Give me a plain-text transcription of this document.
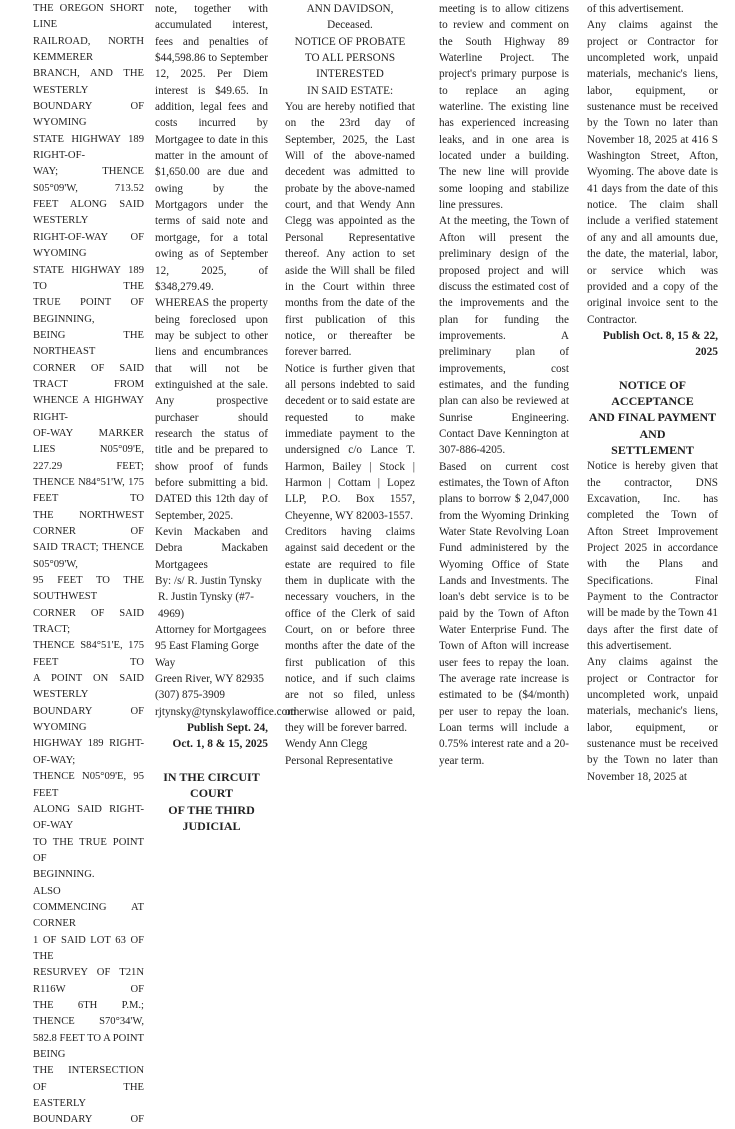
THE OREGON SHORT LINE

RAILROAD, NORTH KEMMERER

BRANCH, AND THE WESTERLY

BOUNDARY OF WYOMING

STATE HIGHWAY 189 RIGHT-OF-

WAY; THENCE S05°09'W, 713.52

FEET ALONG SAID WESTERLY

RIGHT-OF-WAY OF WYOMING

STATE HIGHWAY 189 TO THE

TRUE POINT OF BEGINNING,

BEING THE NORTHEAST

CORNER OF SAID TRACT FROM

WHENCE A HIGHWAY RIGHT-

OF-WAY MARKER LIES N05°09'E,

227.29 FEET;

THENCE N84°51'W, 175 FEET TO

THE NORTHWEST CORNER OF

SAID TRACT; THENCE S05°09'W,

95 FEET TO THE SOUTHWEST

CORNER OF SAID TRACT;

THENCE S84°51'E, 175 FEET TO

A POINT ON SAID WESTERLY

BOUNDARY OF WYOMING

HIGHWAY 189 RIGHT-OF-WAY;

THENCE N05°09'E, 95 FEET

ALONG SAID RIGHT-OF-WAY

TO THE TRUE POINT OF

BEGINNING.

ALSO

COMMENCING AT CORNER

1 OF SAID LOT 63 OF THE

RESURVEY OF T21N R116W OF

THE 6TH P.M.; THENCE S70°34'W,

582.8 FEET TO A POINT BEING

THE INTERSECTION OF THE

EASTERLY BOUNDARY OF

note, together with accumulated interest, fees and penalties of $44,598.86 to September 12, 2025. Per Diem interest is $49.65. In addition, legal fees and costs incurred by Mortgagee to date in this matter in the amount of $1,650.00 are due and owing by the Mortgagors under the terms of said note and mortgage, for a total owing as of September 12, 2025, of $348,279.49.

WHEREAS the property being foreclosed upon may be subject to other liens and encumbrances that will not be extinguished at the sale. Any prospective purchaser should research the status of title and be prepared to show proof of funds before submitting a bid. DATED this 12th day of September, 2025.

Kevin Mackaben and Debra Mackaben

Mortgagees

By: /s/ R. Justin Tynsky

R. Justin Tynsky (#7-4969)

Attorney for Mortgagees

95 East Flaming Gorge Way

Green River, WY 82935

(307) 875-3909

rjtynsky@tynskylawoffice.com

Publish Sept. 24,

Oct. 1, 8 & 15, 2025

IN THE CIRCUIT COURT

OF THE THIRD JUDICIAL

ANN DAVIDSON, Deceased.

NOTICE OF PROBATE

TO ALL PERSONS INTERESTED

IN SAID ESTATE:

You are hereby notified that on the 23rd day of September, 2025, the Last Will of the above-named decedent was admitted to probate by the above-named court, and that Wendy Ann Clegg was appointed as the Personal Representative thereof. Any action to set aside the Will shall be filed in the Court within three months from the date of the first publication of this notice, or thereafter be forever barred.

Notice is further given that all persons indebted to said decedent or to said estate are requested to make immediate payment to the undersigned c/o Lance T. Harmon, Bailey | Stock | Harmon | Cottam | Lopez LLP, P.O. Box 1557, Cheyenne, WY 82003-1557.

Creditors having claims against said decedent or the estate are required to file them in duplicate with the necessary vouchers, in the office of the Clerk of said Court, on or before three months after the date of the first publication of this notice, and if such claims are not so filed, unless otherwise allowed or paid, they will be forever barred.

Wendy Ann Clegg

Personal Representative

meeting is to allow citizens to review and comment on the South Highway 89 Waterline Project. The project's primary purpose is to replace an aging waterline. The existing line has experienced increasing leaks, and in one area is located under a building. The new line will provide some looping and stabilize line pressures.

At the meeting, the Town of Afton will present the preliminary design of the proposed project and will discuss the estimated cost of the improvements and the plan for funding the improvements. A preliminary plan of improvements, cost estimates, and the funding plan can also be reviewed at Sunrise Engineering. Contact Dave Kennington at 307-886-4205.

Based on current cost estimates, the Town of Afton plans to borrow $ 2,047,000 from the Wyoming Drinking Water State Revolving Loan Fund administered by the Wyoming Office of State Lands and Investments. The loan's debt service is to be paid by the Town of Afton Water Enterprise Fund. The Town of Afton will increase user fees to repay the loan. The average rate increase is estimated to be ($4/month) per user to repay the loan. Loan terms will include a 0.75% interest rate and a 20-year term.

of this advertisement.

Any claims against the project or Contractor for uncompleted work, unpaid materials, mechanic's liens, labor, equipment, or sustenance must be received by the Town no later than November 18, 2025 at 416 S Washington Street, Afton, Wyoming. The above date is 41 days from the date of this notice. The claim shall include a verified statement of any and all amounts due, the date, the material, labor, or service which was provided and a copy of the original invoice sent to the Contractor.

Publish Oct. 8, 15 & 22, 2025

NOTICE OF ACCEPTANCE

AND FINAL PAYMENT AND

SETTLEMENT

Notice is hereby given that the contractor, DNS Excavation, Inc. has completed the Town of Afton Street Improvement Project 2025 in accordance with the Plans and Specifications. Final Payment to the Contractor will be made by the Town 41 days after the first date of this advertisement.

Any claims against the project or Contractor for uncompleted work, unpaid materials, mechanic's liens, labor, equipment, or sustenance must be received by the Town no later than November 18, 2025 at
